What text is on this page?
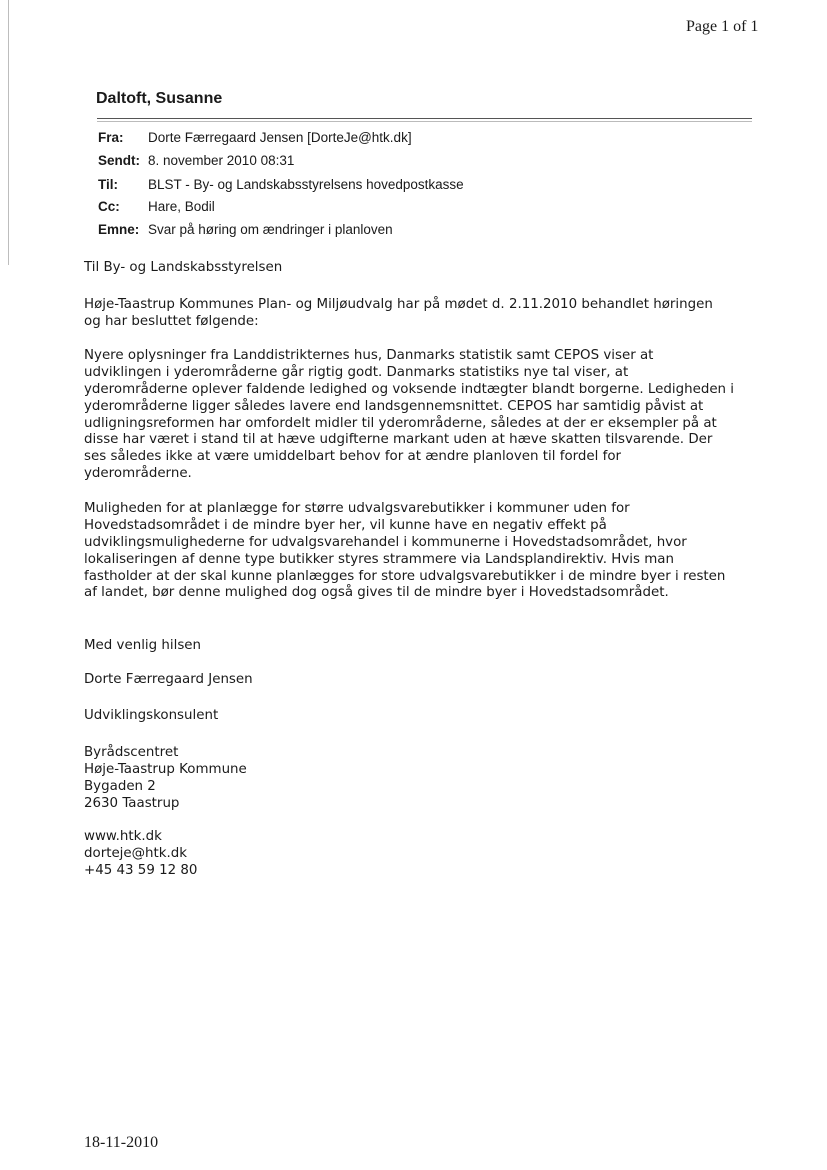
Page 1 of 1
Daltoft, Susanne
Fra: Dorte Færregaard Jensen [DorteJe@htk.dk]
Sendt: 8. november 2010 08:31
Til: BLST - By- og Landskabsstyrelsens hovedpostkasse
Cc: Hare, Bodil
Emne: Svar på høring om ændringer i planloven
Til By- og Landskabsstyrelsen
Høje-Taastrup Kommunes Plan- og Miljøudvalg har på mødet d. 2.11.2010 behandlet høringen
og har besluttet følgende:
Nyere oplysninger fra Landdistrikternes hus, Danmarks statistik samt CEPOS viser at
udviklingen i yderområderne går rigtig godt. Danmarks statistiks nye tal viser, at
yderområderne oplever faldende ledighed og voksende indtægter blandt borgerne. Ledigheden i
yderområderne ligger således lavere end landsgennemsnittet. CEPOS har samtidig påvist at
udligningsreformen har omfordelt midler til yderområderne, således at der er eksempler på at
disse har været i stand til at hæve udgifterne markant uden at hæve skatten tilsvarende. Der
ses således ikke at være umiddelbart behov for at ændre planloven til fordel for
yderområderne.
Muligheden for at planlægge for større udvalgsvarebutikker i kommuner uden for
Hovedstadsområdet i de mindre byer her, vil kunne have en negativ effekt på
udviklingsmulighederne for udvalgsvarehandel i kommunerne i Hovedstadsområdet, hvor
lokaliseringen af denne type butikker styres strammere via Landsplandirektiv. Hvis man
fastholder at der skal kunne planlægges for store udvalgsvarebutikker i de mindre byer i resten
af landet, bør denne mulighed dog også gives til de mindre byer i Hovedstadsområdet.
Med venlig hilsen
Dorte Færregaard Jensen
Udviklingskonsulent
Byrådscentret
Høje-Taastrup Kommune
Bygaden 2
2630 Taastrup
www.htk.dk
dorteje@htk.dk
+45 43 59 12 80
18-11-2010
